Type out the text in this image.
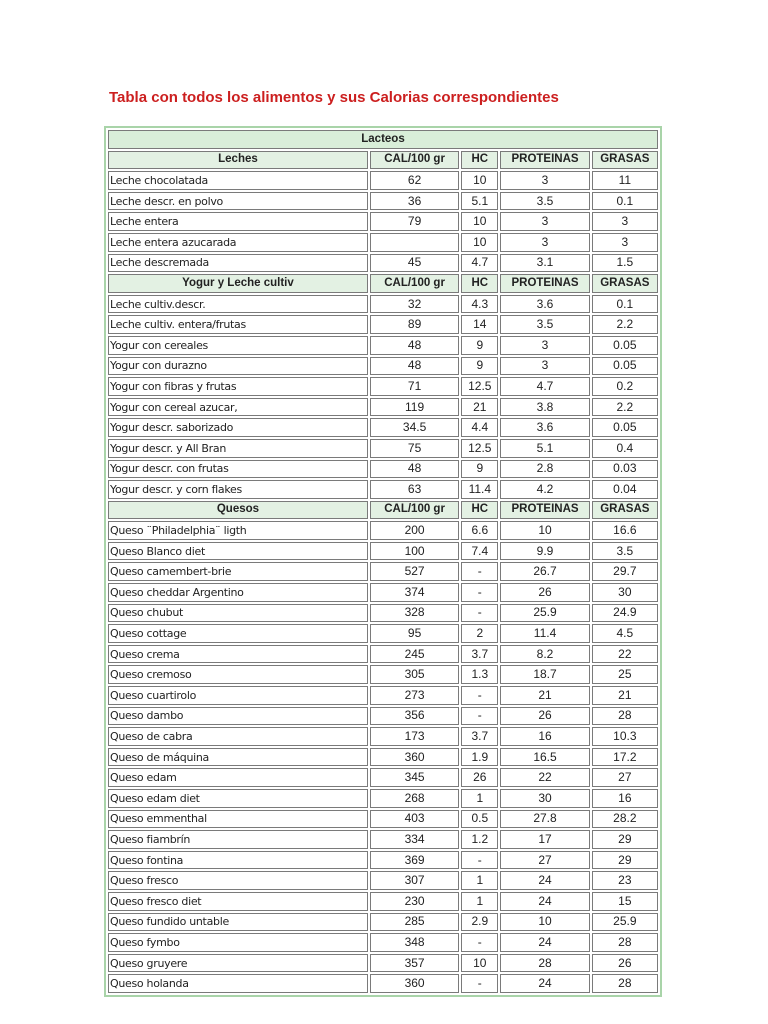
Tabla con todos los alimentos y sus Calorias correspondientes
Lacteos				
Leches	CAL/100 gr	HC	PROTEINAS	GRASAS
Leche chocolatada	62	10	3	11
Leche descr. en polvo	36	5.1	3.5	0.1
Leche entera	79	10	3	3
Leche entera azucarada		10	3	3
Leche descremada	45	4.7	3.1	1.5
Yogur y Leche cultiv	CAL/100 gr	HC	PROTEINAS	GRASAS
Leche cultiv.descr.	32	4.3	3.6	0.1
Leche cultiv. entera/frutas	89	14	3.5	2.2
Yogur con cereales	48	9	3	0.05
Yogur con durazno	48	9	3	0.05
Yogur con fibras y frutas	71	12.5	4.7	0.2
Yogur con cereal azucar,	119	21	3.8	2.2
Yogur descr. saborizado	34.5	4.4	3.6	0.05
Yogur descr. y All Bran	75	12.5	5.1	0.4
Yogur descr. con frutas	48	9	2.8	0.03
Yogur descr. y corn flakes	63	11.4	4.2	0.04
Quesos	CAL/100 gr	HC	PROTEINAS	GRASAS
Queso ¨Philadelphia¨ ligth	200	6.6	10	16.6
Queso Blanco diet	100	7.4	9.9	3.5
Queso camembert-brie	527	-	26.7	29.7
Queso cheddar Argentino	374	-	26	30
Queso chubut	328	-	25.9	24.9
Queso cottage	95	2	11.4	4.5
Queso crema	245	3.7	8.2	22
Queso cremoso	305	1.3	18.7	25
Queso cuartirolo	273	-	21	21
Queso dambo	356	-	26	28
Queso de cabra	173	3.7	16	10.3
Queso de máquina	360	1.9	16.5	17.2
Queso edam	345	26	22	27
Queso edam diet	268	1	30	16
Queso emmenthal	403	0.5	27.8	28.2
Queso fiambrín	334	1.2	17	29
Queso fontina	369	-	27	29
Queso fresco	307	1	24	23
Queso fresco diet	230	1	24	15
Queso fundido untable	285	2.9	10	25.9
Queso fymbo	348	-	24	28
Queso gruyere	357	10	28	26
Queso holanda	360	-	24	28
